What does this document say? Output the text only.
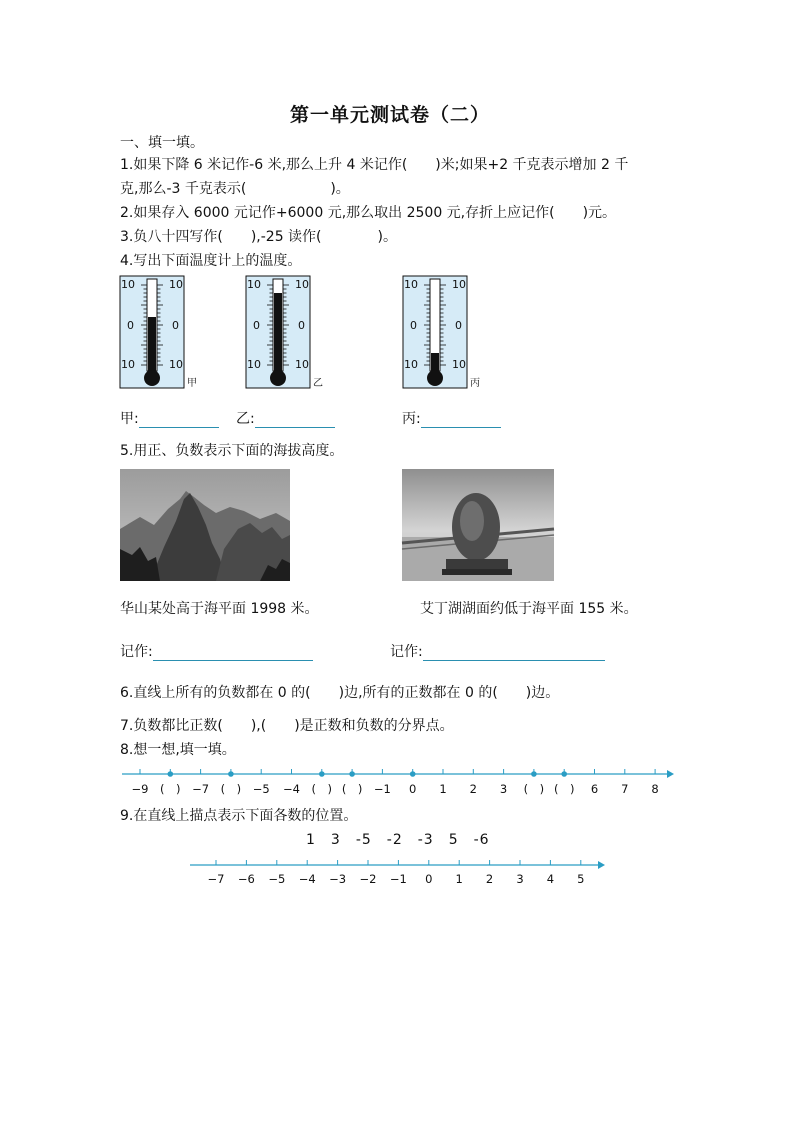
第一单元测试卷（二）
一、填一填。
1.如果下降 6 米记作-6 米,那么上升 4 米记作(　　)米;如果+2 千克表示增加 2 千
克,那么-3 千克表示(　　　　　　)。
2.如果存入 6000 元记作+6000 元,那么取出 2500 元,存折上应记作(　　)元。
3.负八十四写作(　　),-25 读作(　　　　)。
4.写出下面温度计上的温度。
10	10
0	0
10	10
甲
10	10
0	0
10	10
乙
10	10
0	0
10	10
丙
甲:	乙:	丙:
5.用正、负数表示下面的海拔高度。
华山某处高于海平面 1998 米。	艾丁湖湖面约低于海平面 155 米。
记作:	记作:
6.直线上所有的负数都在 0 的(　　)边,所有的正数都在 0 的(　　)边。
7.负数都比正数(　　),(　　)是正数和负数的分界点。
8.想一想,填一填。
−9 (　) −7 (　) −5 −4 (　) (　) −1 0 1 2 3 (　) (　) 6 7 8
9.在直线上描点表示下面各数的位置。
1　3　-5　-2　-3　5　-6
−7 −6 −5 −4 −3 −2 −1 0 1 2 3 4 5
